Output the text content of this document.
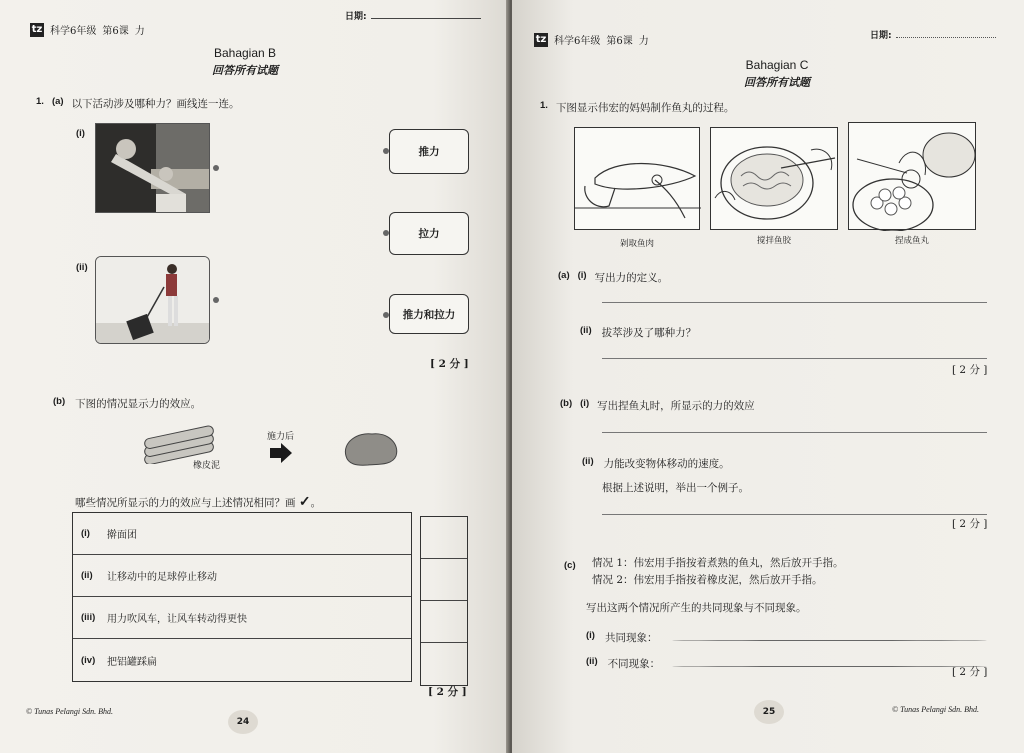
tz 科学6年级 第6课 力
日期:
Bahagian B
回答所有试题
1. (a) 以下活动涉及哪种力？画线连一连。
(i)
(ii)
推力
拉力
推力和拉力
[ 2 分 ]
(b) 下图的情况显示力的效应。
橡皮泥
施力后
哪些情况所显示的力的效应与上述情况相同？画 ✓。
(i)	擀面团
(ii)	让移动中的足球停止移动
(iii)	用力吹风车，让风车转动得更快
(iv)	把铝罐踩扁
[ 2 分 ]
© Tunas Pelangi Sdn. Bhd.
24
tz 科学6年级 第6课 力	日期:
Bahagian C
回答所有试题
1. 下图显示伟宏的妈妈制作鱼丸的过程。
剁取鱼肉	搅拌鱼胶	捏成鱼丸
(a) (i) 写出力的定义。
(ii) 拔萃涉及了哪种力？
[ 2 分 ]
(b) (i) 写出捏鱼丸时，所显示的力的效应
(ii) 力能改变物体移动的速度。
根据上述说明，举出一个例子。
[ 2 分 ]
(c) 情况 1：伟宏用手指按着煮熟的鱼丸，然后放开手指。
情况 2：伟宏用手指按着橡皮泥，然后放开手指。
写出这两个情况所产生的共同现象与不同现象。
(i) 共同现象：
(ii) 不同现象：
[ 2 分 ]
25	© Tunas Pelangi Sdn. Bhd.
